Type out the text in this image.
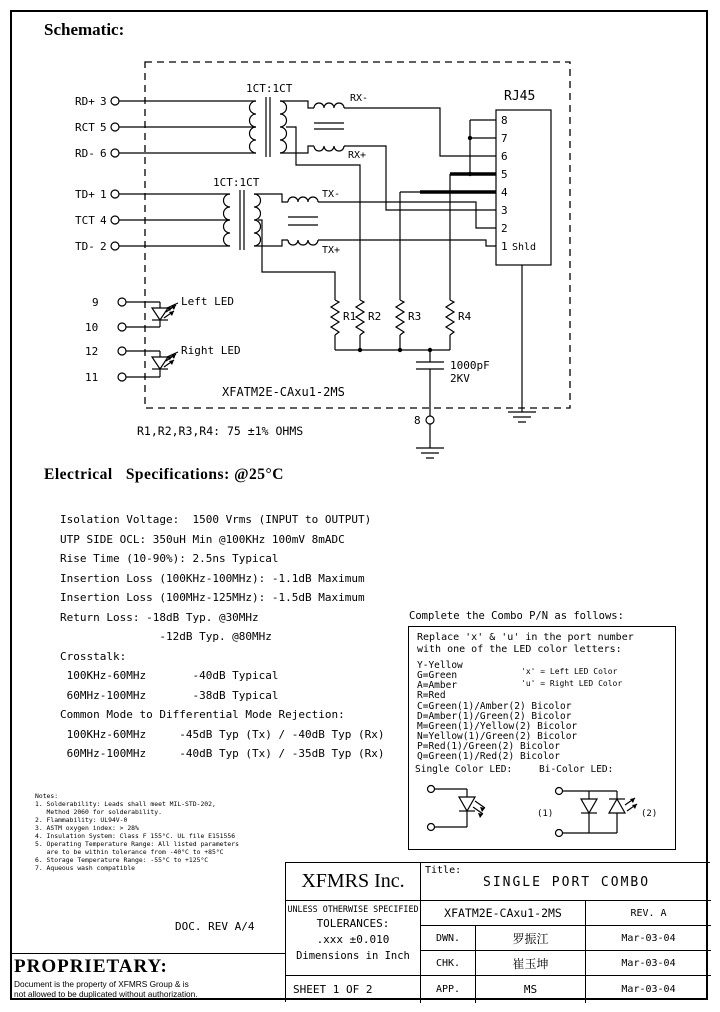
Schematic:
RD+ 3
RCT 5
RD- 6
TD+ 1
TCT 4
TD- 2
1CT:1CT
1CT:1CT
RX-
RX+
TX-
TX+
RJ45
8
7
6
5
4
3
2
1 Shld
9
10
12
11
Left LED
Right LED
R1 R2 R3	R4
1000pF
2KV
XFATM2E-CAxu1-2MS
8
R1,R2,R3,R4: 75 ±1% OHMS
Electrical   Specifications: @25°C
Isolation Voltage:  1500 Vrms (INPUT to OUTPUT)
UTP SIDE OCL: 350uH Min @100KHz 100mV 8mADC
Rise Time (10-90%): 2.5ns Typical
Insertion Loss (100KHz-100MHz): -1.1dB Maximum
Insertion Loss (100MHz-125MHz): -1.5dB Maximum
Return Loss: -18dB Typ. @30MHz
-12dB Typ. @80MHz
Crosstalk:
100KHz-60MHz       -40dB Typical
60MHz-100MHz       -38dB Typical
Common Mode to Differential Mode Rejection:
100KHz-60MHz     -45dB Typ (Tx) / -40dB Typ (Rx)
60MHz-100MHz     -40dB Typ (Tx) / -35dB Typ (Rx)
Complete the Combo P/N as follows:
Replace 'x' & 'u' in the port number
with one of the LED color letters:
Y-Yellow
G=Green
A=Amber
R=Red
'x' = Left LED Color
'u' = Right LED Color
C=Green(1)/Amber(2) Bicolor
D=Amber(1)/Green(2) Bicolor
M=Green(1)/Yellow(2) Bicolor
N=Yellow(1)/Green(2) Bicolor
P=Red(1)/Green(2) Bicolor
Q=Green(1)/Red(2) Bicolor
Single Color LED:	Bi-Color LED:
(1)	(2)
Notes:
1. Solderability: Leads shall meet MIL-STD-202,
Method 2060 for solderability.
2. Flammability: UL94V-0
3. ASTM oxygen index: > 28%
4. Insulation System: Class F 155°C. UL file E151556
5. Operating Temperature Range: All listed parameters
are to be within tolerance from -40°C to +85°C
6. Storage Temperature Range: -55°C to +125°C
7. Aqueous wash compatible
DOC. REV A/4
PROPRIETARY:
Document is the property of XFMRS Group & is
not allowed to be duplicated without authorization.
XFMRS Inc.
UNLESS OTHERWISE SPECIFIED
TOLERANCES:
.xxx ±0.010
Dimensions in Inch
SHEET 1 OF 2
Title:
SINGLE PORT COMBO
XFATM2E-CAxu1-2MS	REV. A
DWN.	罗振江	Mar-03-04
CHK.	崔玉坤	Mar-03-04
APP.	MS	Mar-03-04
